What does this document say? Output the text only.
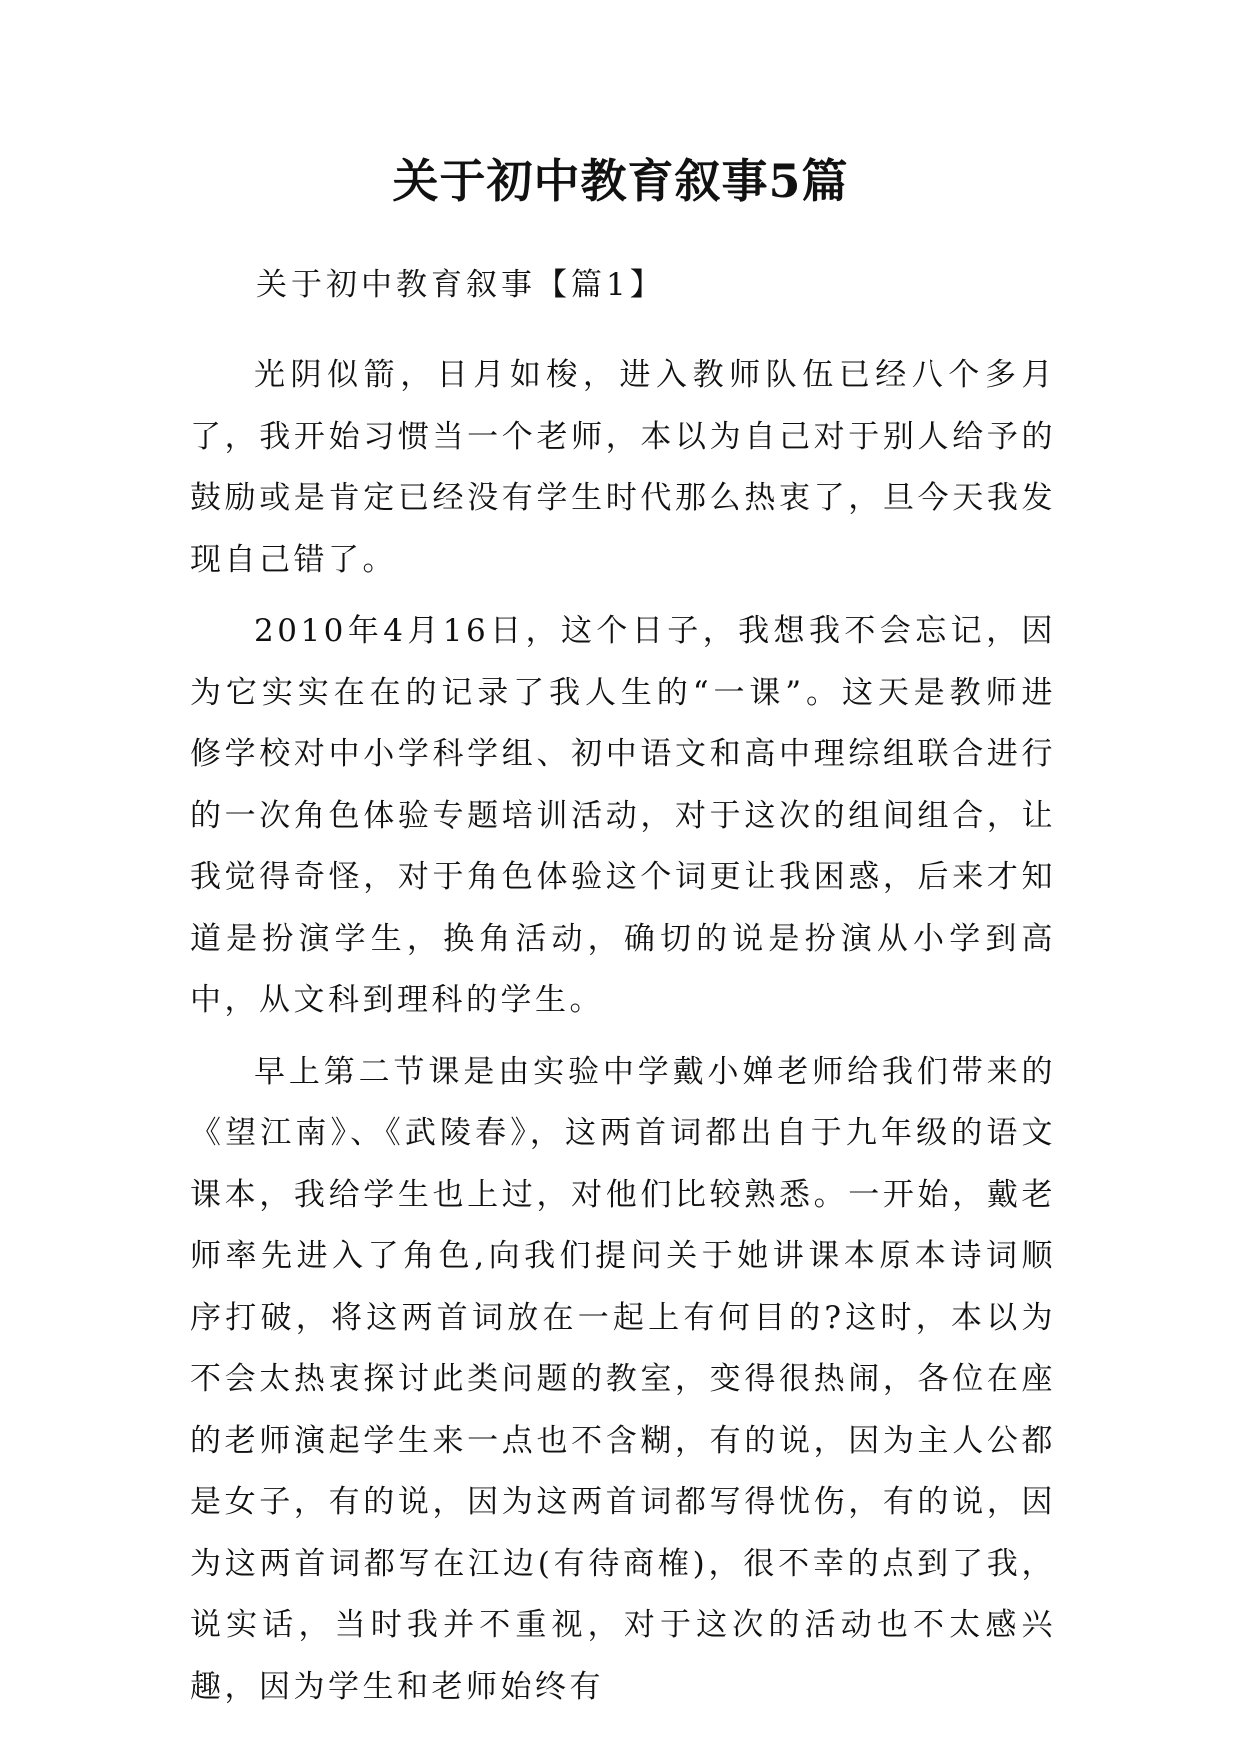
关于初中教育叙事5篇
关于初中教育叙事【篇1】

光阴似箭，日月如梭，进入教师队伍已经八个多月了，我开始习惯当一个老师，本以为自己对于别人给予的鼓励或是肯定已经没有学生时代那么热衷了，旦今天我发现自己错了。

2010年4月16日，这个日子，我想我不会忘记，因为它实实在在的记录了我人生的“一课”。这天是教师进修学校对中小学科学组、初中语文和高中理综组联合进行的一次角色体验专题培训活动，对于这次的组间组合，让我觉得奇怪，对于角色体验这个词更让我困惑，后来才知道是扮演学生，换角活动，确切的说是扮演从小学到高中，从文科到理科的学生。

早上第二节课是由实验中学戴小婵老师给我们带来的《望江南》、《武陵春》，这两首词都出自于九年级的语文课本，我给学生也上过，对他们比较熟悉。一开始，戴老师率先进入了角色,向我们提问关于她讲课本原本诗词顺序打破，将这两首词放在一起上有何目的?这时，本以为不会太热衷探讨此类问题的教室，变得很热闹，各位在座的老师演起学生来一点也不含糊，有的说，因为主人公都是女子，有的说，因为这两首词都写得忧伤，有的说，因为这两首词都写在江边(有待商榷)，很不幸的点到了我，说实话，当时我并不重视，对于这次的活动也不太感兴趣，因为学生和老师始终有
